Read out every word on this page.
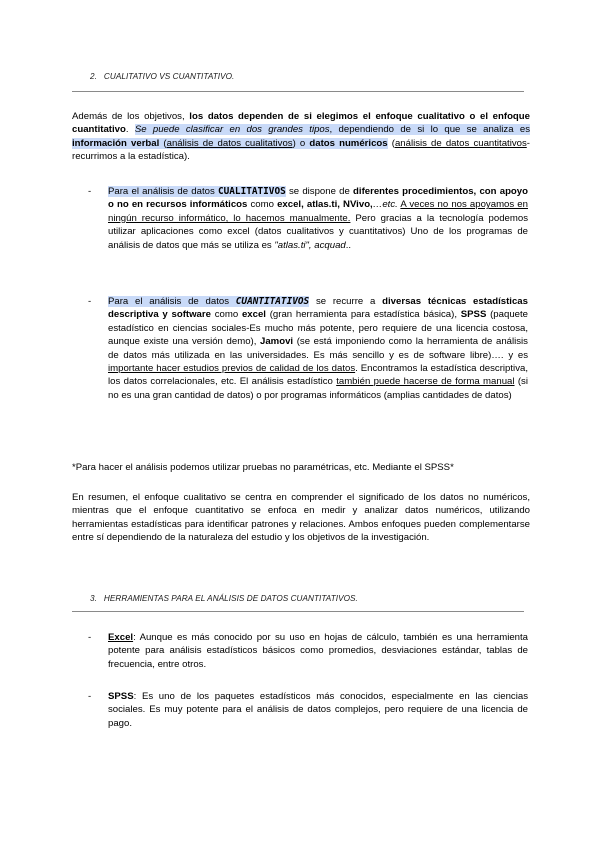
2. CUALITATIVO VS CUANTITATIVO.
Además de los objetivos, los datos dependen de si elegimos el enfoque cualitativo o el enfoque cuantitativo. Se puede clasificar en dos grandes tipos, dependiendo de si lo que se analiza es información verbal (análisis de datos cualitativos) o datos numéricos (análisis de datos cuantitativos-recurrimos a la estadística).
- Para el análisis de datos CUALITATIVOS se dispone de diferentes procedimientos, con apoyo o no en recursos informáticos como excel, atlas.ti, NVivo,…etc. A veces no nos apoyamos en ningún recurso informático, lo hacemos manualmente. Pero gracias a la tecnología podemos utilizar aplicaciones como excel (datos cualitativos y cuantitativos) Uno de los programas de análisis de datos que más se utiliza es "atlas.ti", acquad..
- Para el análisis de datos CUANTITATIVOS se recurre a diversas técnicas estadísticas descriptiva y software como excel (gran herramienta para estadística básica), SPSS (paquete estadístico en ciencias sociales-Es mucho más potente, pero requiere de una licencia costosa, aunque existe una versión demo), Jamovi (se está imponiendo como la herramienta de análisis de datos más utilizada en las universidades. Es más sencillo y es de software libre)…. y es importante hacer estudios previos de calidad de los datos. Encontramos la estadística descriptiva, los datos correlacionales, etc. El análisis estadístico también puede hacerse de forma manual (si no es una gran cantidad de datos) o por programas informáticos (amplias cantidades de datos)
*Para hacer el análisis podemos utilizar pruebas no paramétricas, etc. Mediante el SPSS*
En resumen, el enfoque cualitativo se centra en comprender el significado de los datos no numéricos, mientras que el enfoque cuantitativo se enfoca en medir y analizar datos numéricos, utilizando herramientas estadísticas para identificar patrones y relaciones. Ambos enfoques pueden complementarse entre sí dependiendo de la naturaleza del estudio y los objetivos de la investigación.
3. HERRAMIENTAS PARA EL ANÁLISIS DE DATOS CUANTITATIVOS.
- Excel: Aunque es más conocido por su uso en hojas de cálculo, también es una herramienta potente para análisis estadísticos básicos como promedios, desviaciones estándar, tablas de frecuencia, entre otros.
- SPSS: Es uno de los paquetes estadísticos más conocidos, especialmente en las ciencias sociales. Es muy potente para el análisis de datos complejos, pero requiere de una licencia de pago.
